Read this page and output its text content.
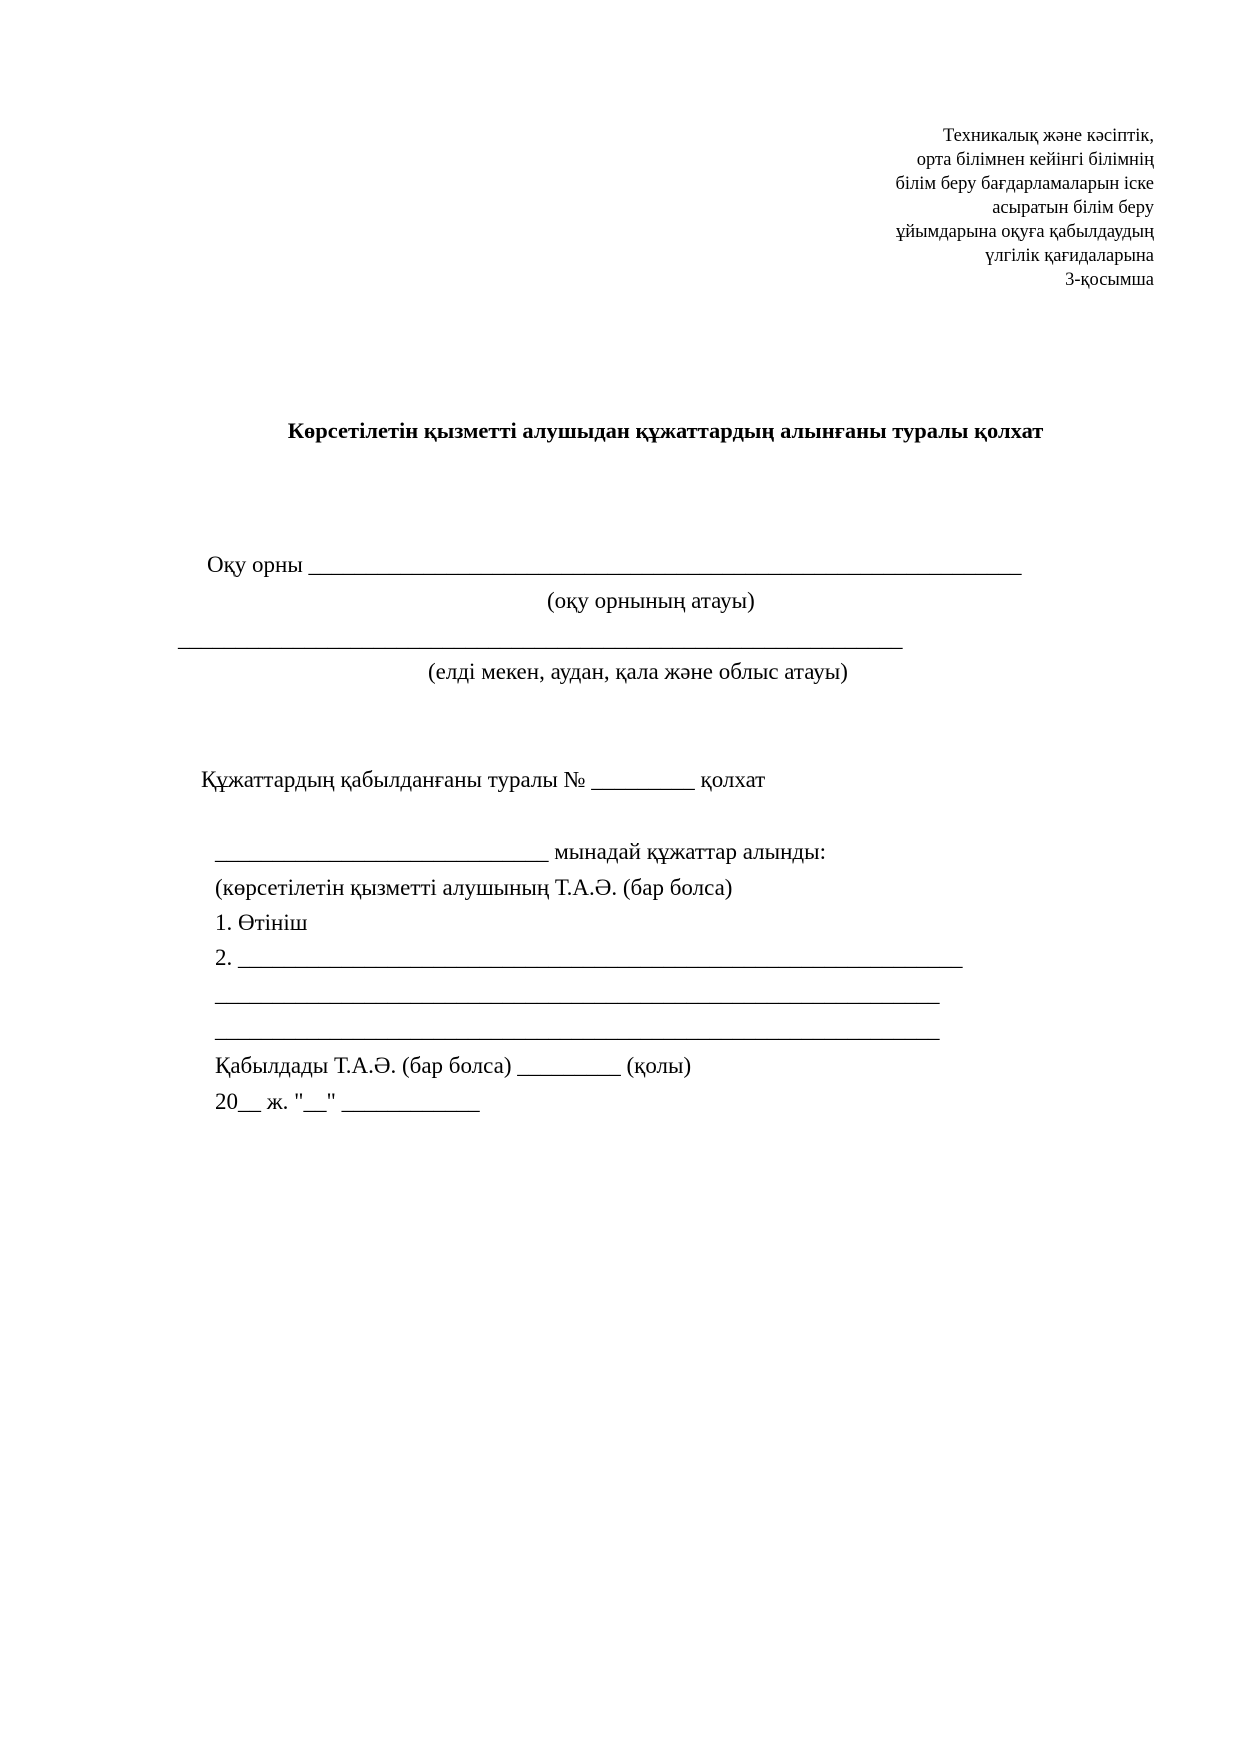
Техникалық және кәсіптік,
орта білімнен кейінгі білімнің
білім беру бағдарламаларын іске
асыратын білім беру
ұйымдарына оқуға қабылдаудың
үлгілік қағидаларына
3-қосымша
Көрсетілетін қызметті алушыдан құжаттардың алынғаны туралы қолхат
Оқу орны ______________________________________________________________
(оқу орнының атауы)
_______________________________________________________________
(елді мекен, аудан, қала және облыс атауы)
Құжаттардың қабылданғаны туралы № _________ қолхат
_____________________________ мынадай құжаттар алынды:
(көрсетілетін қызметті алушының Т.А.Ә. (бар болса)
1. Өтініш
2. _______________________________________________________________
_______________________________________________________________
_______________________________________________________________
Қабылдады Т.А.Ә. (бар болса) _________ (қолы)
20__ ж. "__" ____________
